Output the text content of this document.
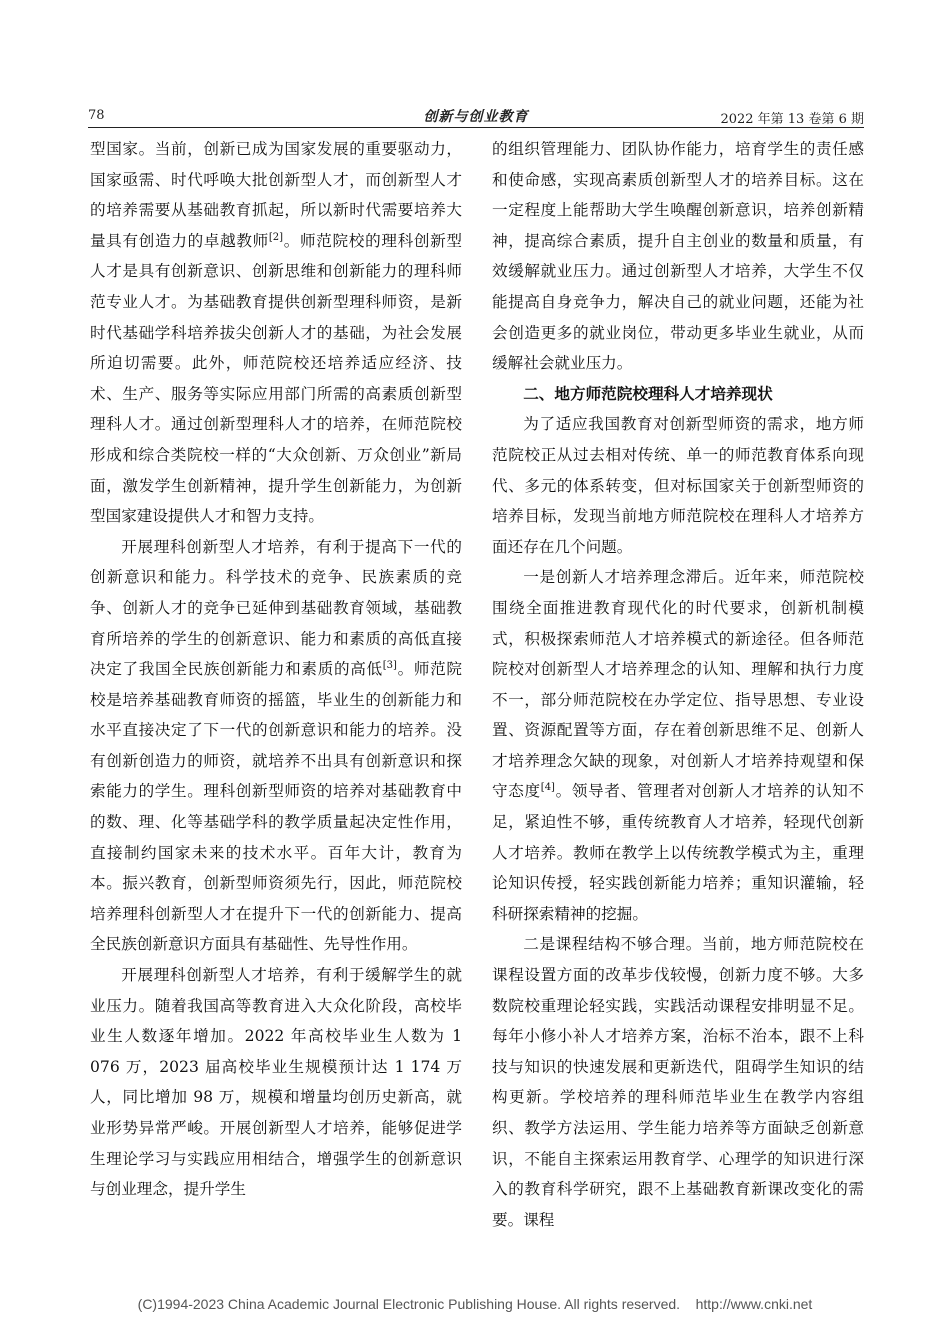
78	创新与创业教育	2022 年第 13 卷第 6 期

型国家。当前，创新已成为国家发展的重要驱动力，国家亟需、时代呼唤大批创新型人才，而创新型人才的培养需要从基础教育抓起，所以新时代需要培养大量具有创造力的卓越教师[2]。师范院校的理科创新型人才是具有创新意识、创新思维和创新能力的理科师范专业人才。为基础教育提供创新型理科师资，是新时代基础学科培养拔尖创新人才的基础，为社会发展所迫切需要。此外，师范院校还培养适应经济、技术、生产、服务等实际应用部门所需的高素质创新型理科人才。通过创新型理科人才的培养，在师范院校形成和综合类院校一样的“大众创新、万众创业”新局面，激发学生创新精神，提升学生创新能力，为创新型国家建设提供人才和智力支持。

开展理科创新型人才培养，有利于提高下一代的创新意识和能力。科学技术的竞争、民族素质的竞争、创新人才的竞争已延伸到基础教育领域，基础教育所培养的学生的创新意识、能力和素质的高低直接决定了我国全民族创新能力和素质的高低[3]。师范院校是培养基础教育师资的摇篮，毕业生的创新能力和水平直接决定了下一代的创新意识和能力的培养。没有创新创造力的师资，就培养不出具有创新意识和探索能力的学生。理科创新型师资的培养对基础教育中的数、理、化等基础学科的教学质量起决定性作用，直接制约国家未来的技术水平。百年大计，教育为本。振兴教育，创新型师资须先行，因此，师范院校培养理科创新型人才在提升下一代的创新能力、提高全民族创新意识方面具有基础性、先导性作用。

开展理科创新型人才培养，有利于缓解学生的就业压力。随着我国高等教育进入大众化阶段，高校毕业生人数逐年增加。2022 年高校毕业生人数为 1 076 万，2023 届高校毕业生规模预计达 1 174 万人，同比增加 98 万，规模和增量均创历史新高，就业形势异常严峻。开展创新型人才培养，能够促进学生理论学习与实践应用相结合，增强学生的创新意识与创业理念，提升学生

的组织管理能力、团队协作能力，培育学生的责任感和使命感，实现高素质创新型人才的培养目标。这在一定程度上能帮助大学生唤醒创新意识，培养创新精神，提高综合素质，提升自主创业的数量和质量，有效缓解就业压力。通过创新型人才培养，大学生不仅能提高自身竞争力，解决自己的就业问题，还能为社会创造更多的就业岗位，带动更多毕业生就业，从而缓解社会就业压力。

二、地方师范院校理科人才培养现状

为了适应我国教育对创新型师资的需求，地方师范院校正从过去相对传统、单一的师范教育体系向现代、多元的体系转变，但对标国家关于创新型师资的培养目标，发现当前地方师范院校在理科人才培养方面还存在几个问题。

一是创新人才培养理念滞后。近年来，师范院校围绕全面推进教育现代化的时代要求，创新机制模式，积极探索师范人才培养模式的新途径。但各师范院校对创新型人才培养理念的认知、理解和执行力度不一，部分师范院校在办学定位、指导思想、专业设置、资源配置等方面，存在着创新思维不足、创新人才培养理念欠缺的现象，对创新人才培养持观望和保守态度[4]。领导者、管理者对创新人才培养的认知不足，紧迫性不够，重传统教育人才培养，轻现代创新人才培养。教师在教学上以传统教学模式为主，重理论知识传授，轻实践创新能力培养；重知识灌输，轻科研探索精神的挖掘。

二是课程结构不够合理。当前，地方师范院校在课程设置方面的改革步伐较慢，创新力度不够。大多数院校重理论轻实践，实践活动课程安排明显不足。每年小修小补人才培养方案，治标不治本，跟不上科技与知识的快速发展和更新迭代，阻碍学生知识的结构更新。学校培养的理科师范毕业生在教学内容组织、教学方法运用、学生能力培养等方面缺乏创新意识，不能自主探索运用教育学、心理学的知识进行深入的教育科学研究，跟不上基础教育新课改变化的需要。课程

(C)1994-2023 China Academic Journal Electronic Publishing House. All rights reserved.    http://www.cnki.net
